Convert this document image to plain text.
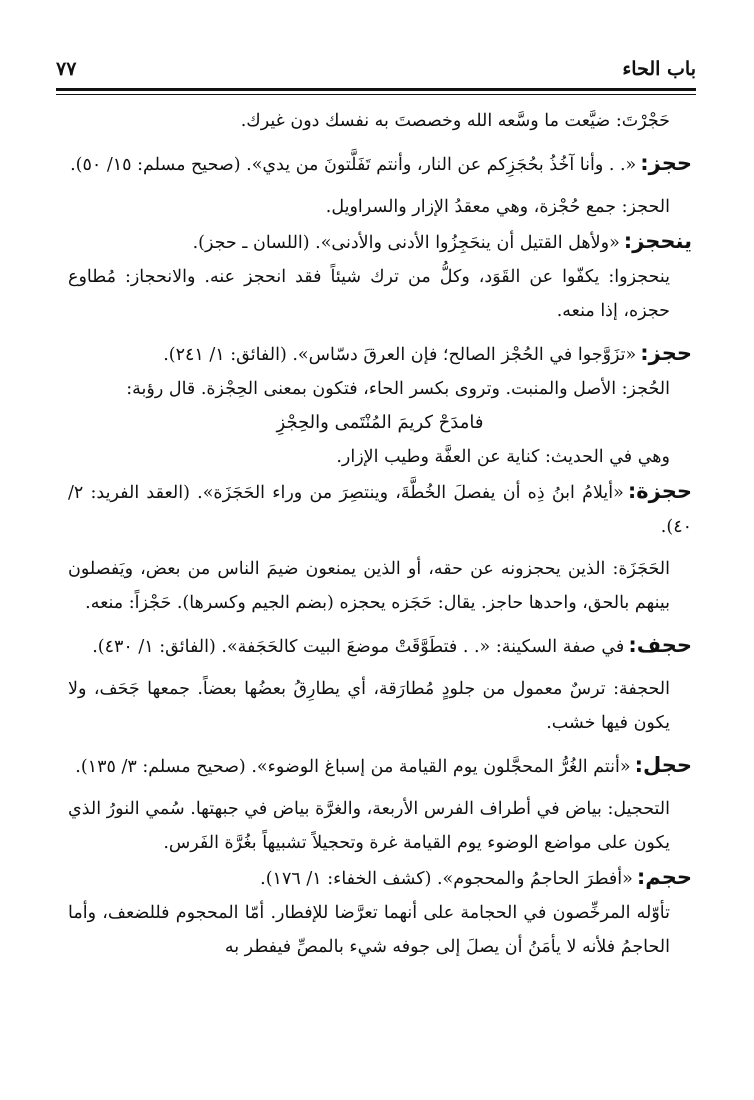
باب الحاء
٧٧

حَجْرْتَ: ضيَّعت ما وسَّعه الله وخصصتَ به نفسك دون غيرك.

حجز:«. . وأنا آخُذُ بحُجَزِكم عن النار، وأنتم تَفَلَّتونَ من يدي». (صحيح مسلم: ١٥/ ٥٠).

الحجز: جمع حُجْزة، وهي معقدُ الإزار والسراويل.

ينحجز:«ولأهل القتيل أن ينحَجِزُوا الأدنى والأدنى». (اللسان ـ حجز).

ينحجزوا: يكفّوا عن القَوَد، وكلُّ من ترك شيئاً فقد انحجز عنه. والانحجاز: مُطاوع حجزه، إذا منعه.

حجز:«تزَوَّجوا في الحُجْز الصالح؛ فإن العرقَ دسّاس». (الفائق: ١/ ٢٤١).

الحُجز: الأصل والمنبت. وتروى بكسر الحاء، فتكون بمعنى الحِجْزة. قال رؤبة:

فامدَحْ كريمَ المُنْتَمى والحِجْزِ

وهي في الحديث: كناية عن العفَّة وطيب الإزار.

حجزة:«أيلامُ ابنُ ذِه أن يفصلَ الخُطَّةَ، وينتصِرَ من وراء الحَجَزَة». (العقد الفريد: ٢/ ٤٠).

الحَجَزَة: الذين يحجزونه عن حقه، أو الذين يمنعون ضيمَ الناس من بعض، ويَفصلون بينهم بالحق، واحدها حاجز. يقال: حَجَزه يحجزه (بضم الجيم وكسرها). حَجْزاً: منعه.

حجف:في صفة السكينة: «. . فتطَوَّقَتْ موضعَ البيت كالحَجَفة». (الفائق: ١/ ٤٣٠).

الحجفة: ترسٌ معمول من جلودٍ مُطارَقة، أي يطارِقُ بعضُها بعضاً. جمعها جَحَف، ولا يكون فيها خشب.

حجل:«أنتم الغُرُّ المحجَّلون يوم القيامة من إسباغ الوضوء». (صحيح مسلم: ٣/ ١٣٥).

التحجيل: بياض في أطراف الفرس الأربعة، والغرَّة بياض في جبهتها. سُمي النورُ الذي يكون على مواضع الوضوء يوم القيامة غرة وتحجيلاً تشبيهاً بغُرَّة الفَرس.

حجم:«أفطرَ الحاجمُ والمحجوم». (كشف الخفاء: ١/ ١٧٦).

تأوّله المرخِّصون في الحجامة على أنهما تعرَّضا للإفطار. أمّا المحجوم فللضعف، وأما الحاجمُ فلأنه لا يأمَنُ أن يصلَ إلى جوفه شيء بالمصِّ فيفطر به
